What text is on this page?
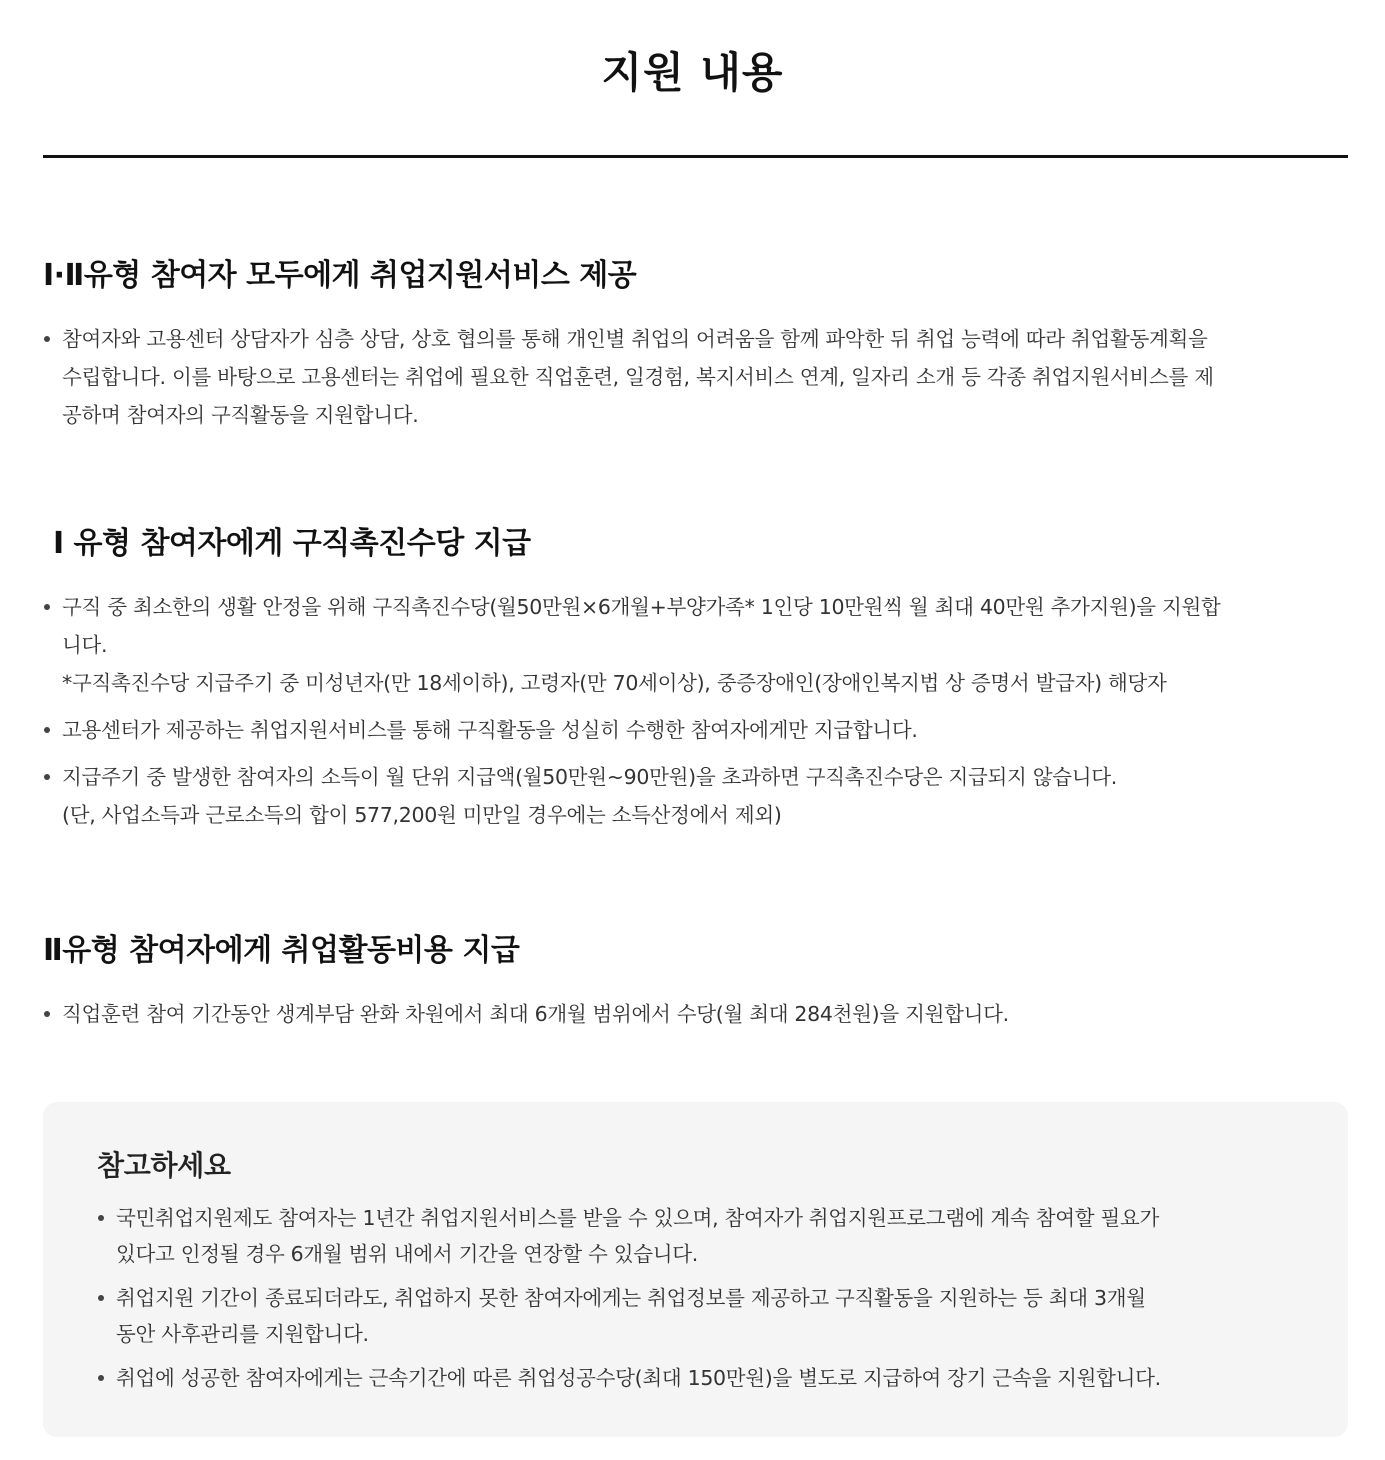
지원 내용
Ⅰ·Ⅱ유형 참여자 모두에게 취업지원서비스 제공
참여자와 고용센터 상담자가 심층 상담, 상호 협의를 통해 개인별 취업의 어려움을 함께 파악한 뒤 취업 능력에 따라 취업활동계획을
수립합니다. 이를 바탕으로 고용센터는 취업에 필요한 직업훈련, 일경험, 복지서비스 연계, 일자리 소개 등 각종 취업지원서비스를 제
공하며 참여자의 구직활동을 지원합니다.
Ⅰ 유형 참여자에게 구직촉진수당 지급
구직 중 최소한의 생활 안정을 위해 구직촉진수당(월50만원×6개월+부양가족* 1인당 10만원씩 월 최대 40만원 추가지원)을 지원합
니다.
*구직촉진수당 지급주기 중 미성년자(만 18세이하), 고령자(만 70세이상), 중증장애인(장애인복지법 상 증명서 발급자) 해당자
고용센터가 제공하는 취업지원서비스를 통해 구직활동을 성실히 수행한 참여자에게만 지급합니다.
지급주기 중 발생한 참여자의 소득이 월 단위 지급액(월50만원~90만원)을 초과하면 구직촉진수당은 지급되지 않습니다.
(단, 사업소득과 근로소득의 합이 577,200원 미만일 경우에는 소득산정에서 제외)
Ⅱ유형 참여자에게 취업활동비용 지급
직업훈련 참여 기간동안 생계부담 완화 차원에서 최대 6개월 범위에서 수당(월 최대 284천원)을 지원합니다.
참고하세요
국민취업지원제도 참여자는 1년간 취업지원서비스를 받을 수 있으며, 참여자가 취업지원프로그램에 계속 참여할 필요가
있다고 인정될 경우 6개월 범위 내에서 기간을 연장할 수 있습니다.
취업지원 기간이 종료되더라도, 취업하지 못한 참여자에게는 취업정보를 제공하고 구직활동을 지원하는 등 최대 3개월
동안 사후관리를 지원합니다.
취업에 성공한 참여자에게는 근속기간에 따른 취업성공수당(최대 150만원)을 별도로 지급하여 장기 근속을 지원합니다.
